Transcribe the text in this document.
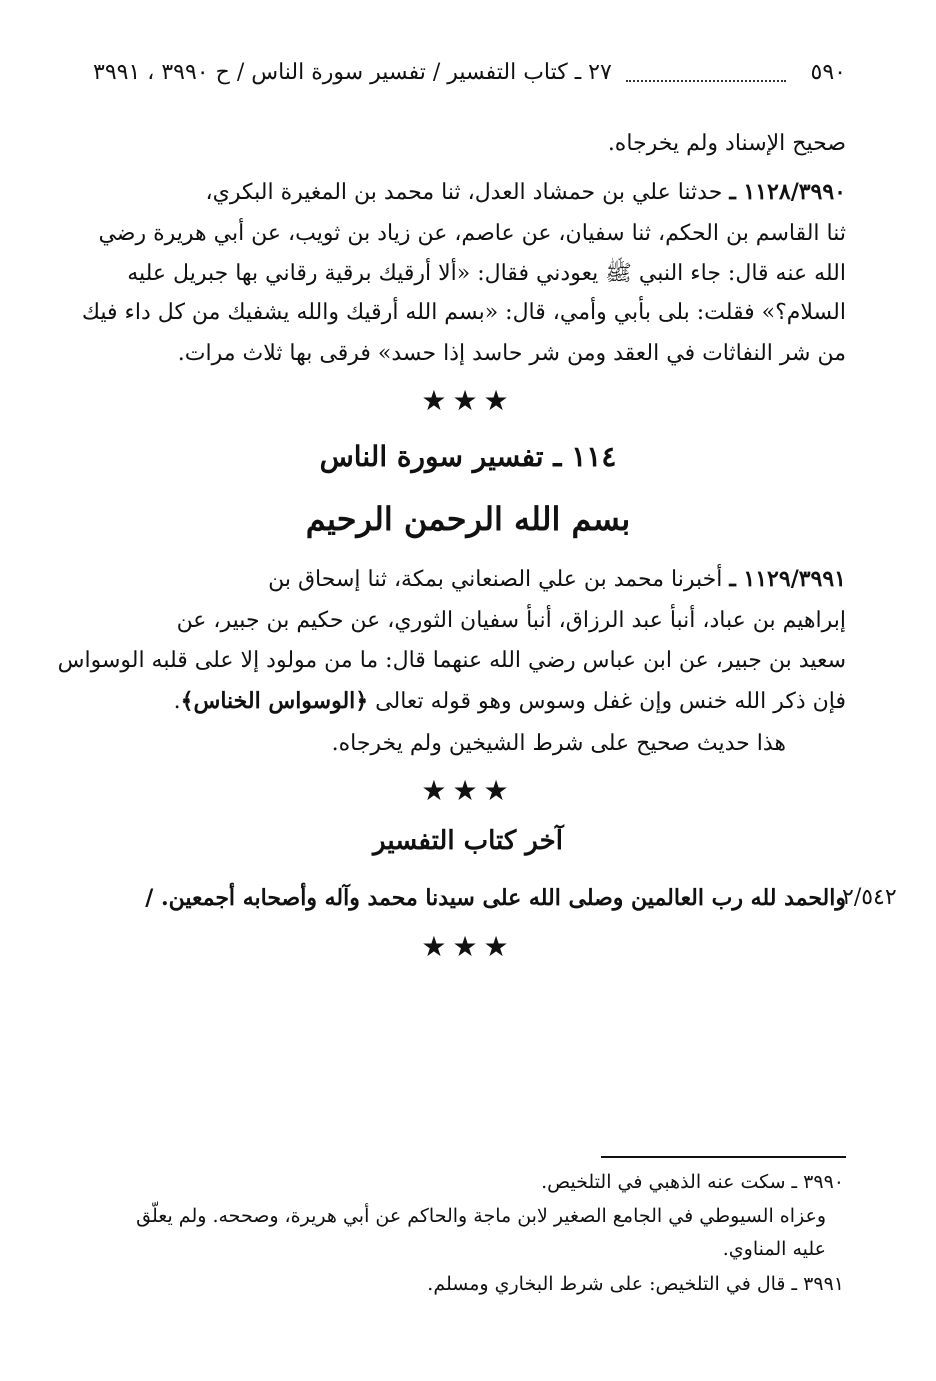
٥٩٠
٢٧ ـ كتاب التفسير / تفسير سورة الناس / ح ٣٩٩٠ ، ٣٩٩١
صحيح الإسناد ولم يخرجاه.
١١٢٨/٣٩٩٠ ـ حدثنا علي بن حمشاد العدل، ثنا محمد بن المغيرة البكري،
ثنا القاسم بن الحكم، ثنا سفيان، عن عاصم، عن زياد بن ثويب، عن أبي هريرة رضي
الله عنه قال: جاء النبي ﷺ يعودني فقال: «ألا أرقيك برقية رقاني بها جبريل عليه
السلام؟» فقلت: بلى بأبي وأمي، قال: «بسم الله أرقيك والله يشفيك من كل داء فيك
من شر النفاثات في العقد ومن شر حاسد إذا حسد» فرقى بها ثلاث مرات.
★★★
١١٤ ـ تفسير سورة الناس
بسم الله الرحمن الرحيم
١١٢٩/٣٩٩١ ـ أخبرنا محمد بن علي الصنعاني بمكة، ثنا إسحاق بن
إبراهيم بن عباد، أنبأ عبد الرزاق، أنبأ سفيان الثوري، عن حكيم بن جبير، عن
سعيد بن جبير، عن ابن عباس رضي الله عنهما قال: ما من مولود إلا على قلبه الوسواس
فإن ذكر الله خنس وإن غفل وسوس وهو قوله تعالى ﴿الوسواس الخناس﴾.
هذا حديث صحيح على شرط الشيخين ولم يخرجاه.
★★★
آخر كتاب التفسير
والحمد لله رب العالمين وصلى الله على سيدنا محمد وآله وأصحابه أجمعين. /
٢/٥٤٢
★★★
٣٩٩٠ ـ سكت عنه الذهبي في التلخيص.
وعزاه السيوطي في الجامع الصغير لابن ماجة والحاكم عن أبي هريرة، وصححه. ولم يعلّق
عليه المناوي.
٣٩٩١ ـ قال في التلخيص: على شرط البخاري ومسلم.
